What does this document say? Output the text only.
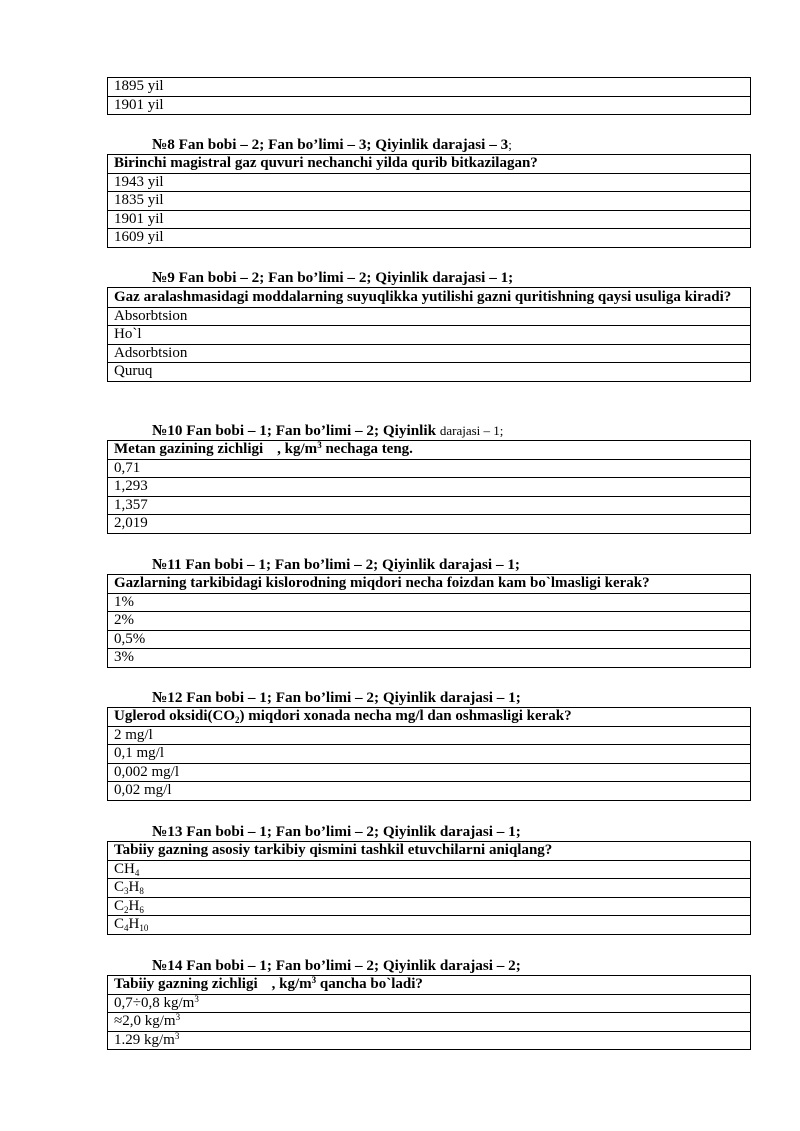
1895 yil
1901 yil
№8 Fan bobi – 2; Fan bo’limi – 3; Qiyinlik darajasi – 3;
Birinchi magistral gaz quvuri nechanchi yilda qurib bitkazilagan?
1943 yil
1835 yil
1901 yil
1609 yil
№9 Fan bobi – 2; Fan bo’limi – 2; Qiyinlik darajasi – 1;
Gaz aralashmasidagi moddalarning suyuqlikka yutilishi gazni quritishning qaysi usuliga kiradi?
Absorbtsion
Ho`l
Adsorbtsion
Quruq
№10 Fan bobi – 1; Fan bo’limi – 2; Qiyinlik darajasi – 1;
Metan gazining zichligi , $kg/m^3$ nechaga teng.
0,71
1,293
1,357
2,019
№11 Fan bobi – 1; Fan bo’limi – 2; Qiyinlik darajasi – 1;
Gazlarning tarkibidagi kislorodning miqdori necha foizdan kam bo`lmasligi kerak?
1%
2%
0,5%
3%
№12 Fan bobi – 1; Fan bo’limi – 2; Qiyinlik darajasi – 1;
Uglerod $oksidi(CO_2)$ miqdori xonada necha mg/l dan oshmasligi kerak?
2 mg/l
0,1 mg/l
0,002 mg/l
0,02 mg/l
№13 Fan bobi – 1; Fan bo’limi – 2; Qiyinlik darajasi – 1;
Tabiiy gazning asosiy tarkibiy qismini tashkil etuvchilarni aniqlang?
$CH_4$
$C_3H_8$
$C_2H_6$
$C_4H_{10}$
№14 Fan bobi – 1; Fan bo’limi – 2; Qiyinlik darajasi – 2;
Tabiiy gazning zichligi , $kg/m^3$ qancha bo`ladi?
0,7÷0,8 $kg/m^3$
≈2,0 $kg/m^3$
1.29 $kg/m^3$
